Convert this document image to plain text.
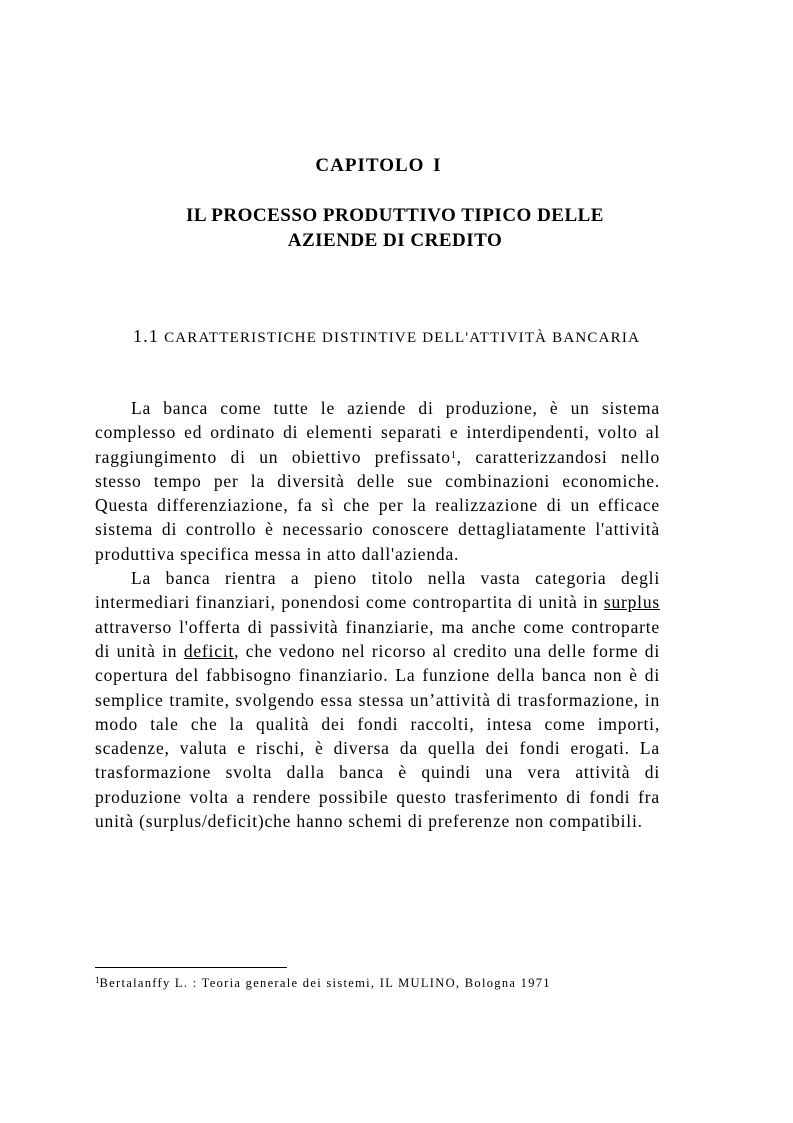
CAPITOLO I
IL PROCESSO PRODUTTIVO TIPICO DELLE
AZIENDE DI CREDITO
1.1 CARATTERISTICHE DISTINTIVE DELL'ATTIVITÀ BANCARIA

La banca come tutte le aziende di produzione, è un sistema complesso ed ordinato di elementi separati e interdipendenti, volto al raggiungimento di un obiettivo prefissato$^1$, caratterizzandosi nello stesso tempo per la diversità delle sue combinazioni economiche. Questa differenziazione, fa sì che per la realizzazione di un efficace sistema di controllo è necessario conoscere dettagliatamente l'attività produttiva specifica messa in atto dall'azienda.

La banca rientra a pieno titolo nella vasta categoria degli intermediari finanziari, ponendosi come contropartita di unità in surplus attraverso l'offerta di passività finanziarie, ma anche come controparte di unità in deficit, che vedono nel ricorso al credito una delle forme di copertura del fabbisogno finanziario. La funzione della banca non è di semplice tramite, svolgendo essa stessa un’attività di trasformazione, in modo tale che la qualità dei fondi raccolti, intesa come importi, scadenze, valuta e rischi, è diversa da quella dei fondi erogati. La trasformazione svolta dalla banca è quindi una vera attività di produzione volta a rendere possibile questo trasferimento di fondi fra unità (surplus/deficit)che hanno schemi di preferenze non compatibili.

$^1$Bertalanffy L. : Teoria generale dei sistemi, IL MULINO, Bologna 1971
